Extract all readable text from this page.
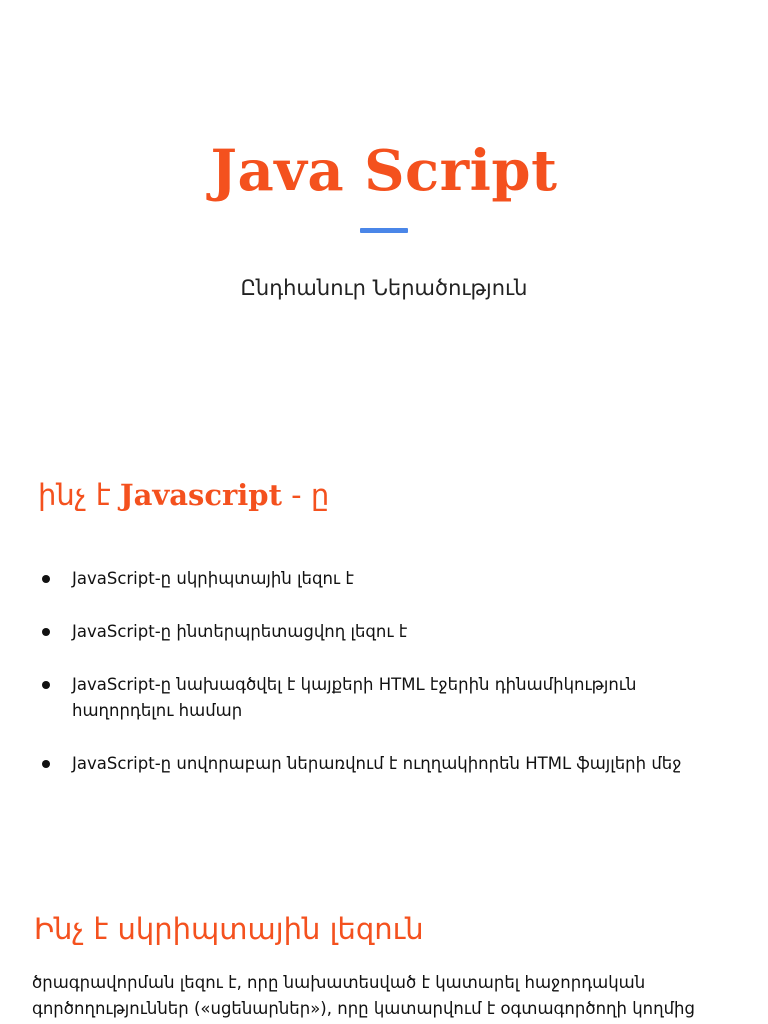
Java Script

Ընդհանուր Ներածություն

ինչ է Javascript - ը
JavaScript-ը սկրիպտային լեզու է
JavaScript-ը ինտերպրետացվող լեզու է
JavaScript-ը նախագծվել է կայքերի HTML էջերին դինամիկություն հաղորդելու համար
JavaScript-ը սովորաբար ներառվում է ուղղակիորեն HTML ֆայլերի մեջ
Ինչ է սկրիպտային լեզուն

ծրագրավորման լեզու է, որը նախատեսված է կատարել հաջորդական գործողություններ («սցենարներ»), որը կատարվում է օգտագործողի կողմից
